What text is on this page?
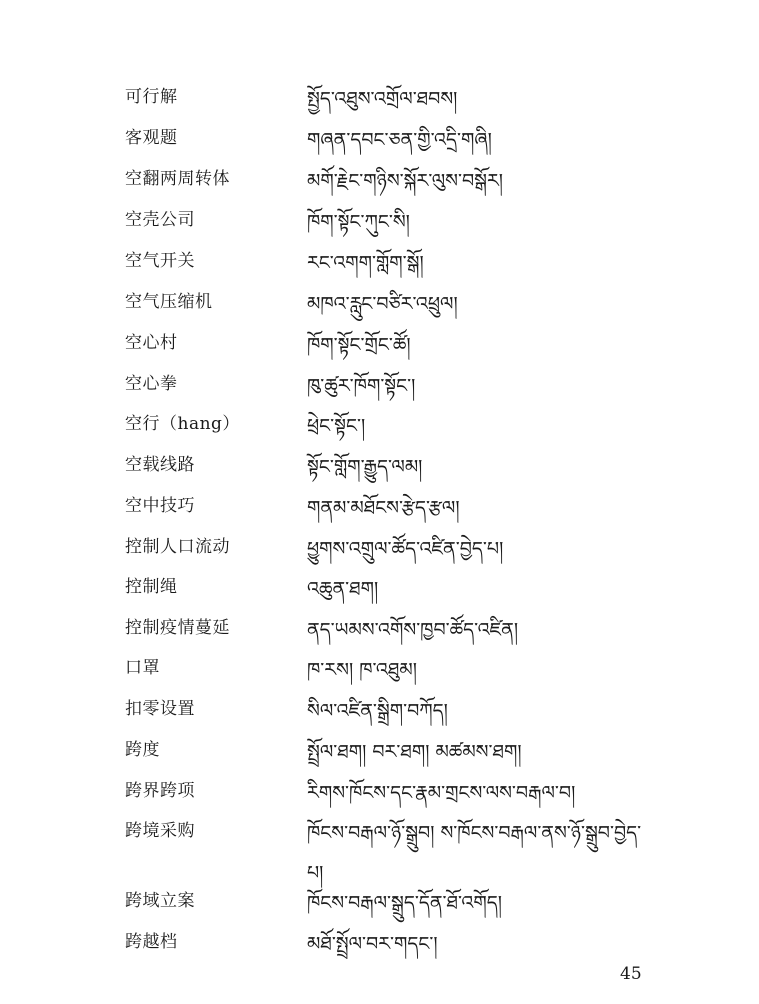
可行解	སྤྱོད་འཐུས་འགྲོལ་ཐབས།
客观题	གཞན་དབང་ཅན་གྱི་འདྲི་གཞི།
空翻两周转体	མགོ་རྗེང་གཉིས་སྐོར་ལུས་བསྒོར།
空壳公司	ཁོག་སྟོང་ཀུང་སི།
空气开关	རང་འགག་གློག་སྒོ།
空气压缩机	མཁའ་རླུང་བཙིར་འཕྲུལ།
空心村	ཁོག་སྟོང་གྲོང་ཚོ།
空心拳	ཁུ་ཚུར་ཁོག་སྟོང་།
空行（hang）	ཕྲེང་སྟོང་།
空载线路	སྟོང་གློག་རྒྱུད་ལམ།
空中技巧	གནམ་མཐོངས་རྩེད་རྩལ།
控制人口流动	ཕྱུགས་འགྲུལ་ཚོད་འཛིན་བྱེད་པ།
控制绳	འཆུན་ཐག།
控制疫情蔓延	ནད་ཡམས་འགོས་ཁྱབ་ཚོད་འཛིན།
口罩	ཁ་རས། ཁ་འཐུམ།
扣零设置	སིལ་འཛིན་སྒྲིག་བཀོད།
跨度	སྤྲོལ་ཐག། བར་ཐག། མཚམས་ཐག།
跨界跨项	རིགས་ཁོངས་དང་རྣམ་གྲངས་ལས་བརྒལ་བ།
跨境采购	ཁོངས་བརྒལ་ཉོ་སྒྲུབ། ས་ཁོངས་བརྒལ་ནས་ཉོ་སྒྲུབ་བྱེད་པ།
跨域立案	ཁོངས་བརྒལ་སྒྲུད་དོན་ཐོ་འགོད།
跨越档	མཐོ་སྤྲོལ་བར་གདང་།
45
